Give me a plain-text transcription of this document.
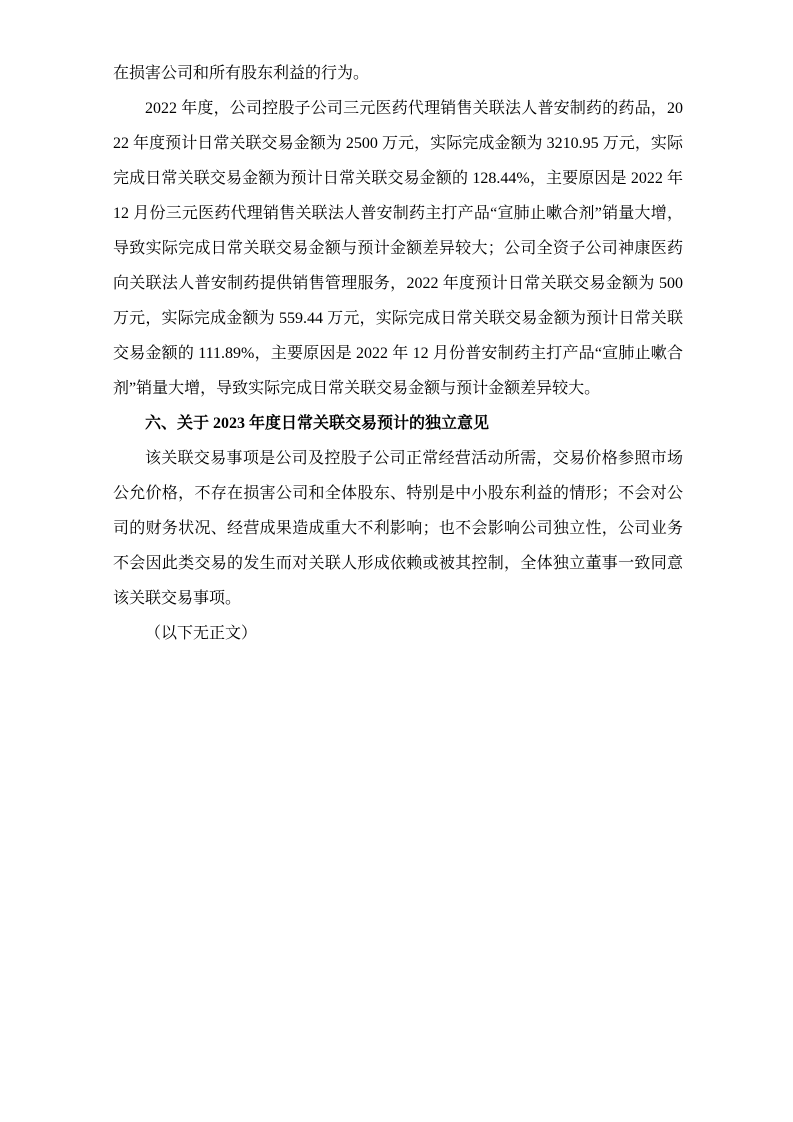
在损害公司和所有股东利益的行为。

2022 年度，公司控股子公司三元医药代理销售关联法人普安制药的药品，2022 年度预计日常关联交易金额为 2500 万元，实际完成金额为 3210.95 万元，实际完成日常关联交易金额为预计日常关联交易金额的 128.44%，主要原因是 2022 年 12 月份三元医药代理销售关联法人普安制药主打产品“宣肺止嗽合剂”销量大增，导致实际完成日常关联交易金额与预计金额差异较大；公司全资子公司神康医药向关联法人普安制药提供销售管理服务，2022 年度预计日常关联交易金额为 500 万元，实际完成金额为 559.44 万元，实际完成日常关联交易金额为预计日常关联交易金额的 111.89%，主要原因是 2022 年 12 月份普安制药主打产品“宣肺止嗽合剂”销量大增，导致实际完成日常关联交易金额与预计金额差异较大。

六、关于 2023 年度日常关联交易预计的独立意见

该关联交易事项是公司及控股子公司正常经营活动所需，交易价格参照市场公允价格，不存在损害公司和全体股东、特别是中小股东利益的情形；不会对公司的财务状况、经营成果造成重大不利影响；也不会影响公司独立性，公司业务不会因此类交易的发生而对关联人形成依赖或被其控制，全体独立董事一致同意该关联交易事项。

（以下无正文）
